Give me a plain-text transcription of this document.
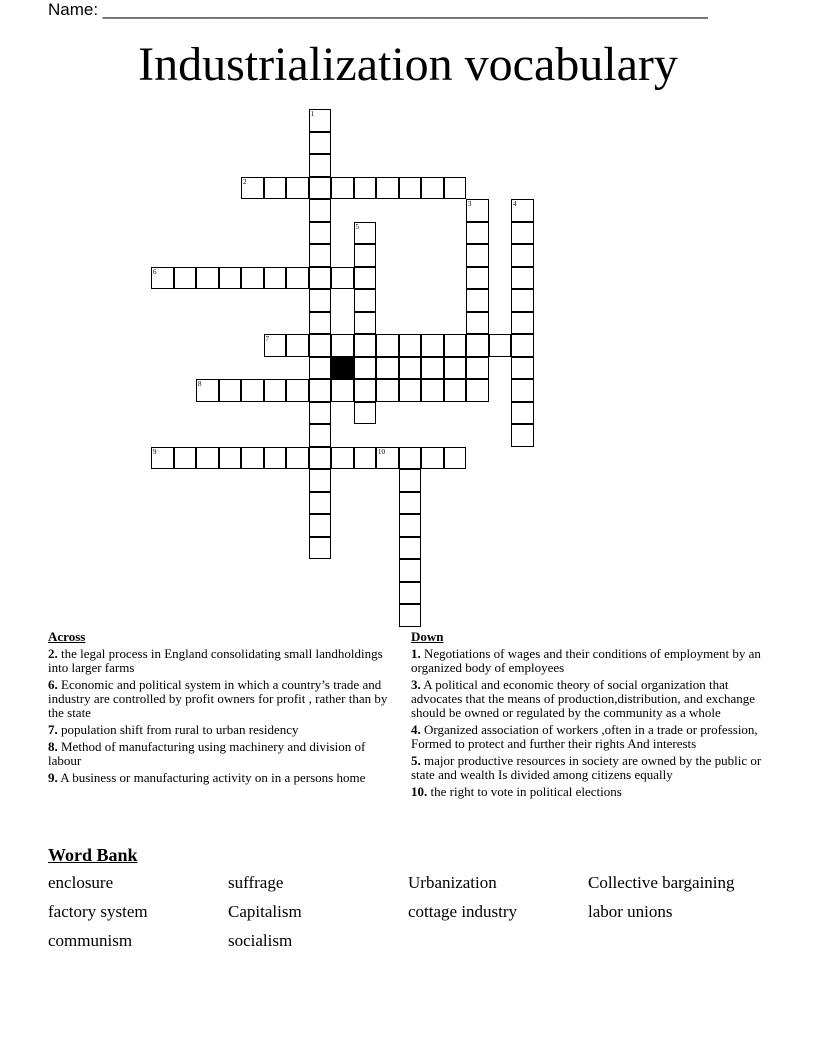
Name: ________________________________________________________________
Industrialization vocabulary
1
2
3	4
5
6
7
8
9	10
Across
2. the legal process in England consolidating small landholdings into larger farms
6. Economic and political system in which a country’s trade and industry are controlled by profit owners for profit , rather than by the state
7. population shift from rural to urban residency
8. Method of manufacturing using machinery and division of labour
9. A business or manufacturing activity on in a persons home
Down
1. Negotiations of wages and their conditions of employment by an organized body of employees
3. A political and economic theory of social organization that advocates that the means of production,distribution, and exchange should be owned or regulated by the community as a whole
4. Organized association of workers ,often in a trade or profession, Formed to protect and further their rights And interests
5. major productive resources in society are owned by the public or state and wealth Is divided among citizens equally
10. the right to vote in political elections
Word Bank
enclosure	suffrage	Urbanization	Collective bargaining
factory system	Capitalism	cottage industry	labor unions
communism	socialism
